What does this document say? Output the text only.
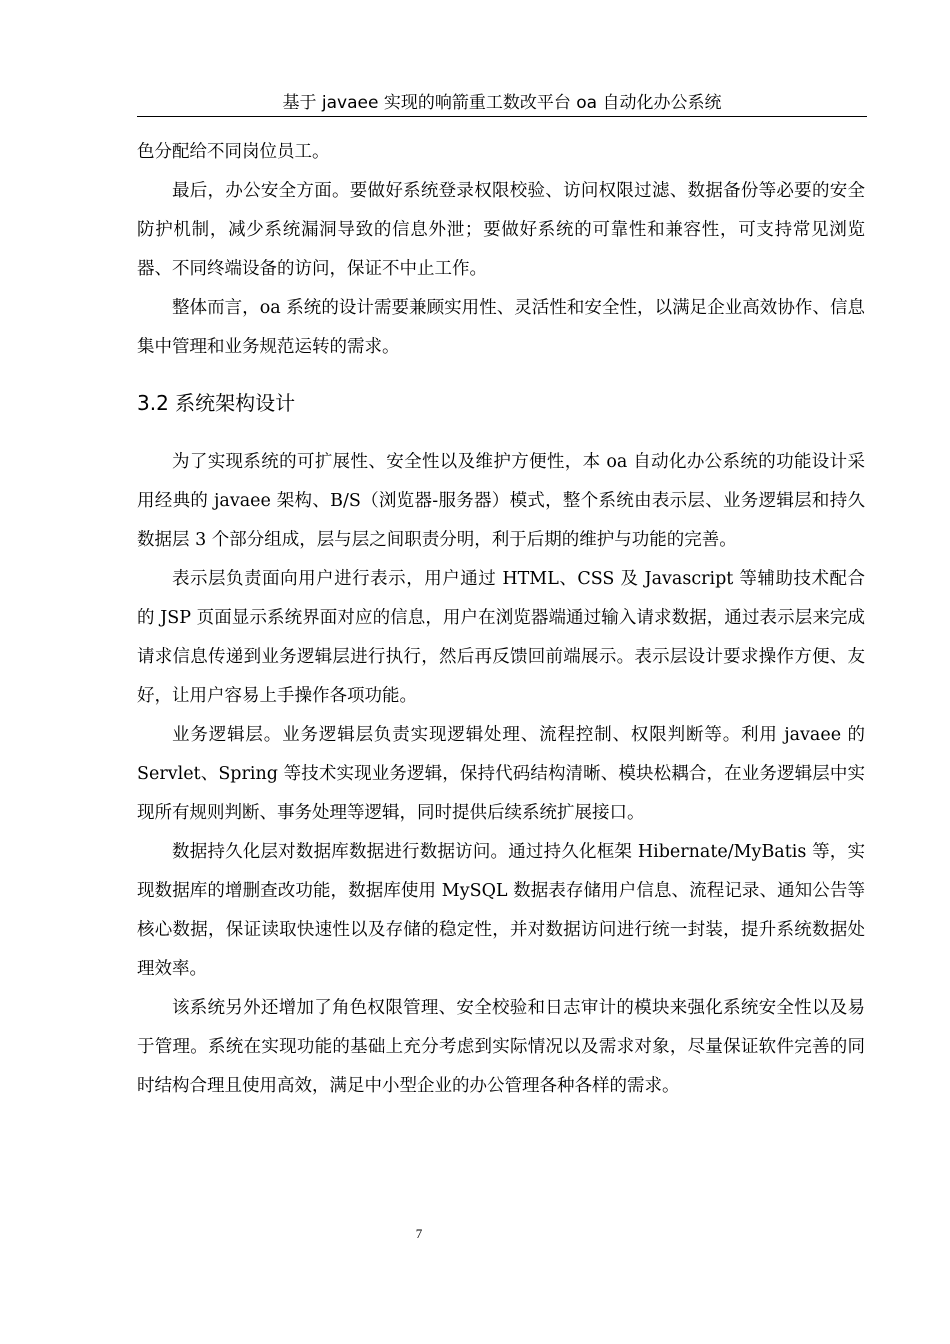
基于 javaee 实现的响箭重工数改平台 oa 自动化办公系统

色分配给不同岗位员工。

最后，办公安全方面。要做好系统登录权限校验、访问权限过滤、数据备份等必要的安全防护机制，减少系统漏洞导致的信息外泄；要做好系统的可靠性和兼容性，可支持常见浏览器、不同终端设备的访问，保证不中止工作。

整体而言，oa 系统的设计需要兼顾实用性、灵活性和安全性，以满足企业高效协作、信息集中管理和业务规范运转的需求。

3.2 系统架构设计

为了实现系统的可扩展性、安全性以及维护方便性，本 oa 自动化办公系统的功能设计采用经典的 javaee 架构、B/S（浏览器-服务器）模式，整个系统由表示层、业务逻辑层和持久数据层 3 个部分组成，层与层之间职责分明，利于后期的维护与功能的完善。

表示层负责面向用户进行表示，用户通过 HTML、CSS 及 Javascript 等辅助技术配合的 JSP 页面显示系统界面对应的信息，用户在浏览器端通过输入请求数据，通过表示层来完成请求信息传递到业务逻辑层进行执行，然后再反馈回前端展示。表示层设计要求操作方便、友好，让用户容易上手操作各项功能。

业务逻辑层。业务逻辑层负责实现逻辑处理、流程控制、权限判断等。利用 javaee 的 Servlet、Spring 等技术实现业务逻辑，保持代码结构清晰、模块松耦合，在业务逻辑层中实现所有规则判断、事务处理等逻辑，同时提供后续系统扩展接口。

数据持久化层对数据库数据进行数据访问。通过持久化框架 Hibernate/MyBatis 等，实现数据库的增删查改功能，数据库使用 MySQL 数据表存储用户信息、流程记录、通知公告等核心数据，保证读取快速性以及存储的稳定性，并对数据访问进行统一封装，提升系统数据处理效率。

该系统另外还增加了角色权限管理、安全校验和日志审计的模块来强化系统安全性以及易于管理。系统在实现功能的基础上充分考虑到实际情况以及需求对象，尽量保证软件完善的同时结构合理且使用高效，满足中小型企业的办公管理各种各样的需求。

7
